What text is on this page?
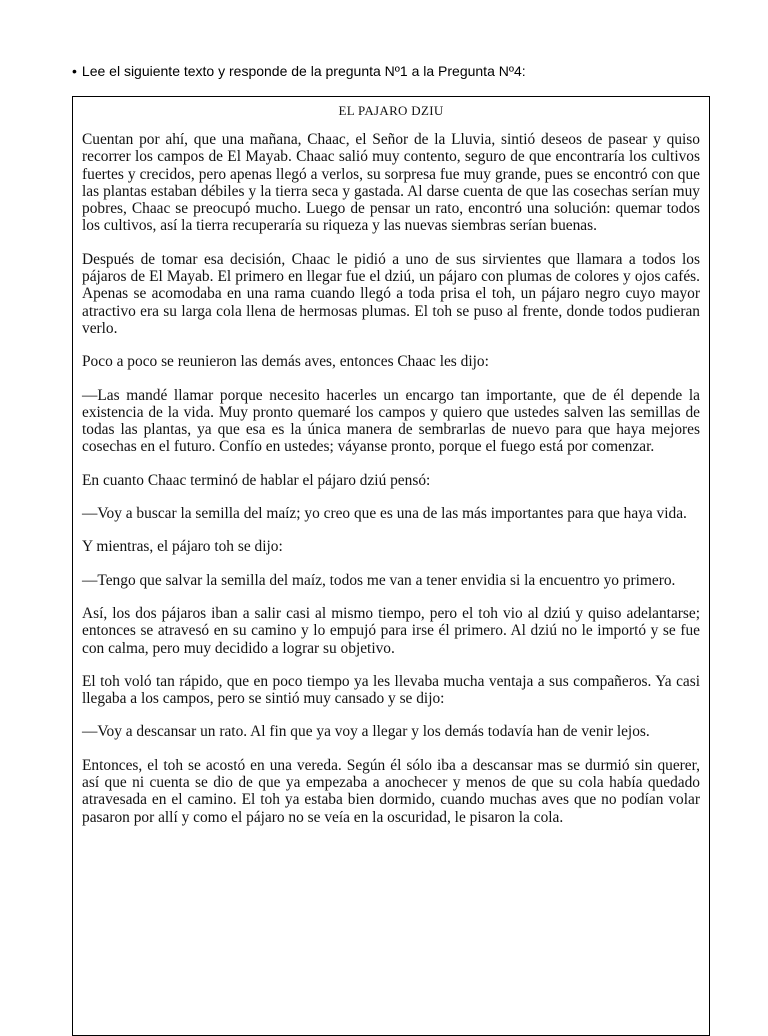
• Lee el siguiente texto y responde de la pregunta Nº1 a la Pregunta Nº4:
EL PAJARO DZIU

Cuentan por ahí, que una mañana, Chaac, el Señor de la Lluvia, sintió deseos de pasear y quiso recorrer los campos de El Mayab. Chaac salió muy contento, seguro de que encontraría los cultivos fuertes y crecidos, pero apenas llegó a verlos, su sorpresa fue muy grande, pues se encontró con que las plantas estaban débiles y la tierra seca y gastada. Al darse cuenta de que las cosechas serían muy pobres, Chaac se preocupó mucho. Luego de pensar un rato, encontró una solución: quemar todos los cultivos, así la tierra recuperaría su riqueza y las nuevas siembras serían buenas.

Después de tomar esa decisión, Chaac le pidió a uno de sus sirvientes que llamara a todos los pájaros de El Mayab. El primero en llegar fue el dziú, un pájaro con plumas de colores y ojos cafés. Apenas se acomodaba en una rama cuando llegó a toda prisa el toh, un pájaro negro cuyo mayor atractivo era su larga cola llena de hermosas plumas. El toh se puso al frente, donde todos pudieran verlo.

Poco a poco se reunieron las demás aves, entonces Chaac les dijo:

—Las mandé llamar porque necesito hacerles un encargo tan importante, que de él depende la existencia de la vida. Muy pronto quemaré los campos y quiero que ustedes salven las semillas de todas las plantas, ya que esa es la única manera de sembrarlas de nuevo para que haya mejores cosechas en el futuro. Confío en ustedes; váyanse pronto, porque el fuego está por comenzar.

En cuanto Chaac terminó de hablar el pájaro dziú pensó:

—Voy a buscar la semilla del maíz; yo creo que es una de las más importantes para que haya vida.

Y mientras, el pájaro toh se dijo:

—Tengo que salvar la semilla del maíz, todos me van a tener envidia si la encuentro yo primero.

Así, los dos pájaros iban a salir casi al mismo tiempo, pero el toh vio al dziú y quiso adelantarse; entonces se atravesó en su camino y lo empujó para irse él primero. Al dziú no le importó y se fue con calma, pero muy decidido a lograr su objetivo.

El toh voló tan rápido, que en poco tiempo ya les llevaba mucha ventaja a sus compañeros. Ya casi llegaba a los campos, pero se sintió muy cansado y se dijo:

—Voy a descansar un rato. Al fin que ya voy a llegar y los demás todavía han de venir lejos.

Entonces, el toh se acostó en una vereda. Según él sólo iba a descansar mas se durmió sin querer, así que ni cuenta se dio de que ya empezaba a anochecer y menos de que su cola había quedado atravesada en el camino. El toh ya estaba bien dormido, cuando muchas aves que no podían volar pasaron por allí y como el pájaro no se veía en la oscuridad, le pisaron la cola.
